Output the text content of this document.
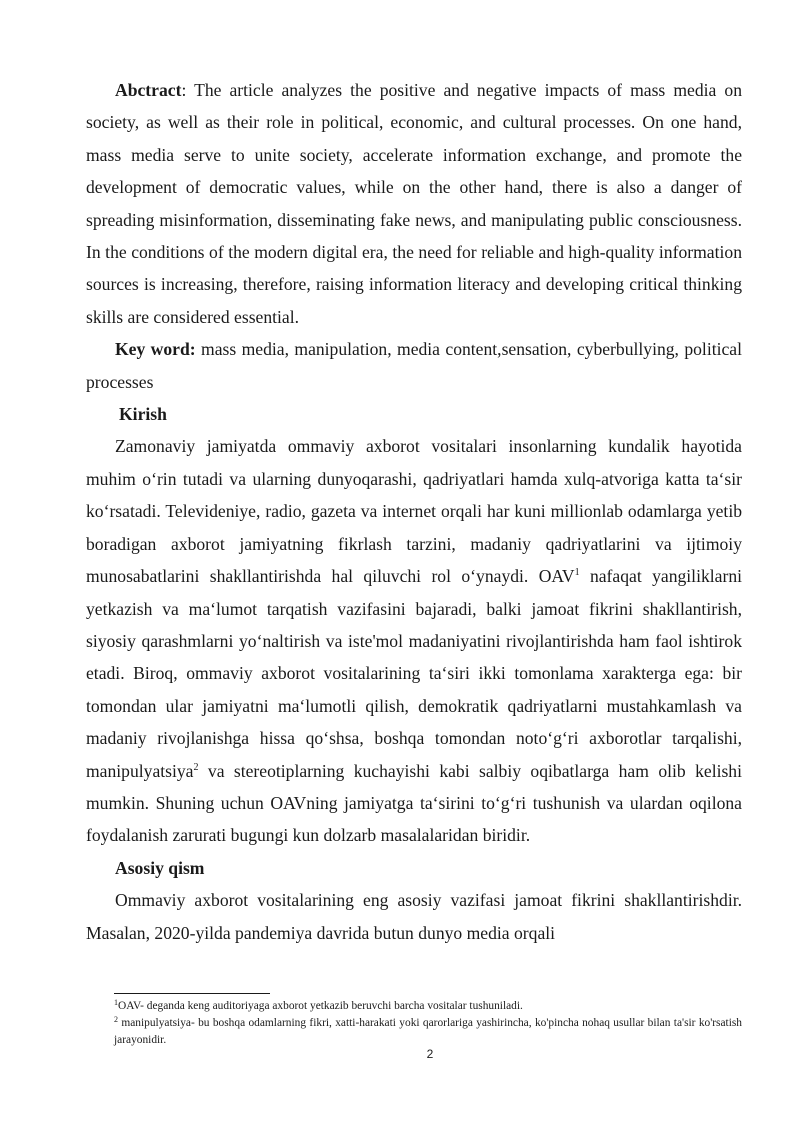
Abctract: The article analyzes the positive and negative impacts of mass media on society, as well as their role in political, economic, and cultural processes. On one hand, mass media serve to unite society, accelerate information exchange, and promote the development of democratic values, while on the other hand, there is also a danger of spreading misinformation, disseminating fake news, and manipulating public consciousness. In the conditions of the modern digital era, the need for reliable and high-quality information sources is increasing, therefore, raising information literacy and developing critical thinking skills are considered essential.

Key word: mass media, manipulation, media content,sensation, cyberbullying, political processes

Kirish

Zamonaviy jamiyatda ommaviy axborot vositalari insonlarning kundalik hayotida muhim o‘rin tutadi va ularning dunyoqarashi, qadriyatlari hamda xulq-atvoriga katta ta‘sir ko‘rsatadi. Televideniye, radio, gazeta va internet orqali har kuni millionlab odamlarga yetib boradigan axborot jamiyatning fikrlash tarzini, madaniy qadriyatlarini va ijtimoiy munosabatlarini shakllantirishda hal qiluvchi rol o‘ynaydi. OAV$^1$ nafaqat yangiliklarni yetkazish va ma‘lumot tarqatish vazifasini bajaradi, balki jamoat fikrini shakllantirish, siyosiy qarashmlarni yo‘naltirish va iste'mol madaniyatini rivojlantirishda ham faol ishtirok etadi. Biroq, ommaviy axborot vositalarining ta‘siri ikki tomonlama xarakterga ega: bir tomondan ular jamiyatni ma‘lumotli qilish, demokratik qadriyatlarni mustahkamlash va madaniy rivojlanishga hissa qo‘shsa, boshqa tomondan noto‘g‘ri axborotlar tarqalishi, manipulyatsiya$^2$ va stereotiplarning kuchayishi kabi salbiy oqibatlarga ham olib kelishi mumkin. Shuning uchun OAVning jamiyatga ta‘sirini to‘g‘ri tushunish va ulardan oqilona foydalanish zarurati bugungi kun dolzarb masalalaridan biridir.

Asosiy qism

Ommaviy axborot vositalarining eng asosiy vazifasi jamoat fikrini shakllantirishdir. Masalan, 2020-yilda pandemiya davrida butun dunyo media orqali

$^1$OAV- deganda keng auditoriyaga axborot yetkazib beruvchi barcha vositalar tushuniladi.

$^2$ manipulyatsiya- bu boshqa odamlarning fikri, xatti-harakati yoki qarorlariga yashirincha, ko'pincha nohaq usullar bilan ta'sir ko'rsatish jarayonidir.

2
